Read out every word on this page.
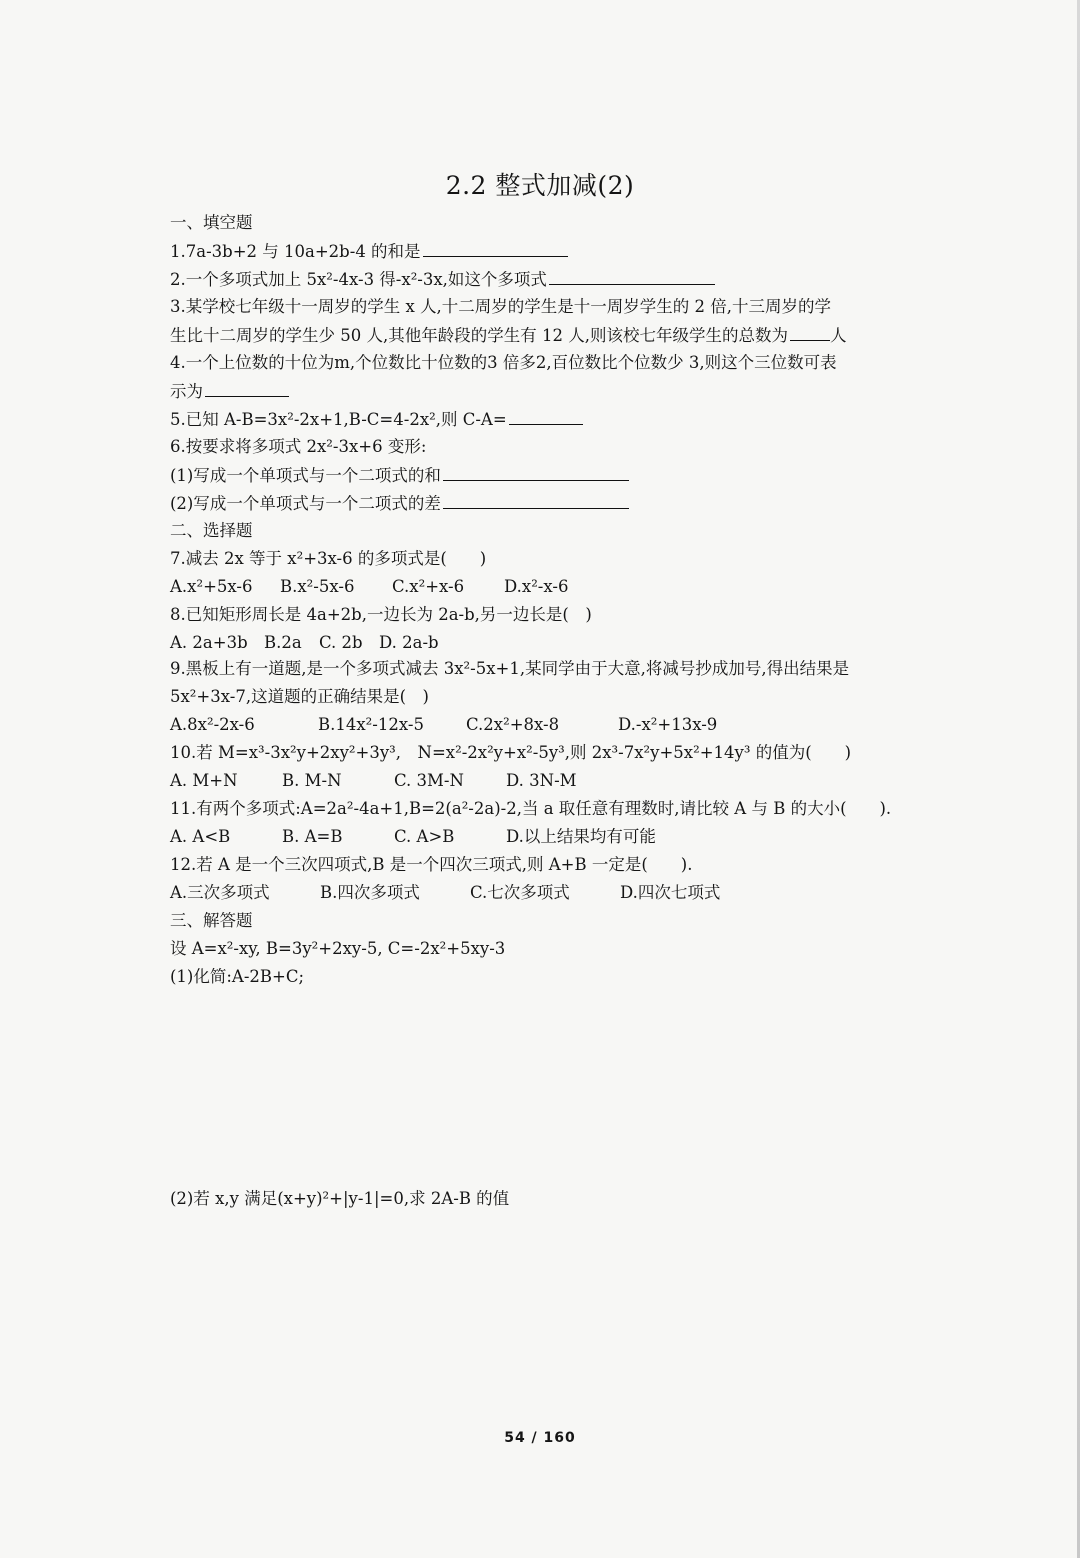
2.2 整式加减(2)
一、填空题
1.7a-3b+2 与 10a+2b-4 的和是
2.一个多项式加上 5x²-4x-3 得-x²-3x,如这个多项式
3.某学校七年级十一周岁的学生 x 人,十二周岁的学生是十一周岁学生的 2 倍,十三周岁的学
生比十二周岁的学生少 50 人,其他年龄段的学生有 12 人,则该校七年级学生的总数为	人
4.一个上位数的十位为m,个位数比十位数的3 倍多2,百位数比个位数少 3,则这个三位数可表
示为
5.已知 A-B=3x²-2x+1,B-C=4-2x²,则 C-A=
6.按要求将多项式 2x²-3x+6 变形:
(1)写成一个单项式与一个二项式的和
(2)写成一个单项式与一个二项式的差
二、选择题
7.减去 2x 等于 x²+3x-6 的多项式是(　　)
A.x²+5x-6 B.x²-5x-6 C.x²+x-6 D.x²-x-6
8.已知矩形周长是 4a+2b,一边长为 2a-b,另一边长是(　)
A. 2a+3b B.2a C. 2b D. 2a-b
9.黑板上有一道题,是一个多项式减去 3x²-5x+1,某同学由于大意,将减号抄成加号,得出结果是
5x²+3x-7,这道题的正确结果是(　)
A.8x²-2x-6	B.14x²-12x-5	C.2x²+8x-8	D.-x²+13x-9
10.若 M=x³-3x²y+2xy²+3y³,　N=x²-2x²y+x²-5y³,则 2x³-7x²y+5x²+14y³ 的值为(　　)
A. M+N	B. M-N	C. 3M-N	D. 3N-M
11.有两个多项式:A=2a²-4a+1,B=2(a²-2a)-2,当 a 取任意有理数时,请比较 A 与 B 的大小(　　).
A. A<B	B. A=B	C. A>B	D.以上结果均有可能
12.若 A 是一个三次四项式,B 是一个四次三项式,则 A+B 一定是(　　).
A.三次多项式	B.四次多项式	C.七次多项式	D.四次七项式
三、解答题
设 A=x²-xy, B=3y²+2xy-5, C=-2x²+5xy-3
(1)化简:A-2B+C;
(2)若 x,y 满足(x+y)²+|y-1|=0,求 2A-B 的值
54 / 160
